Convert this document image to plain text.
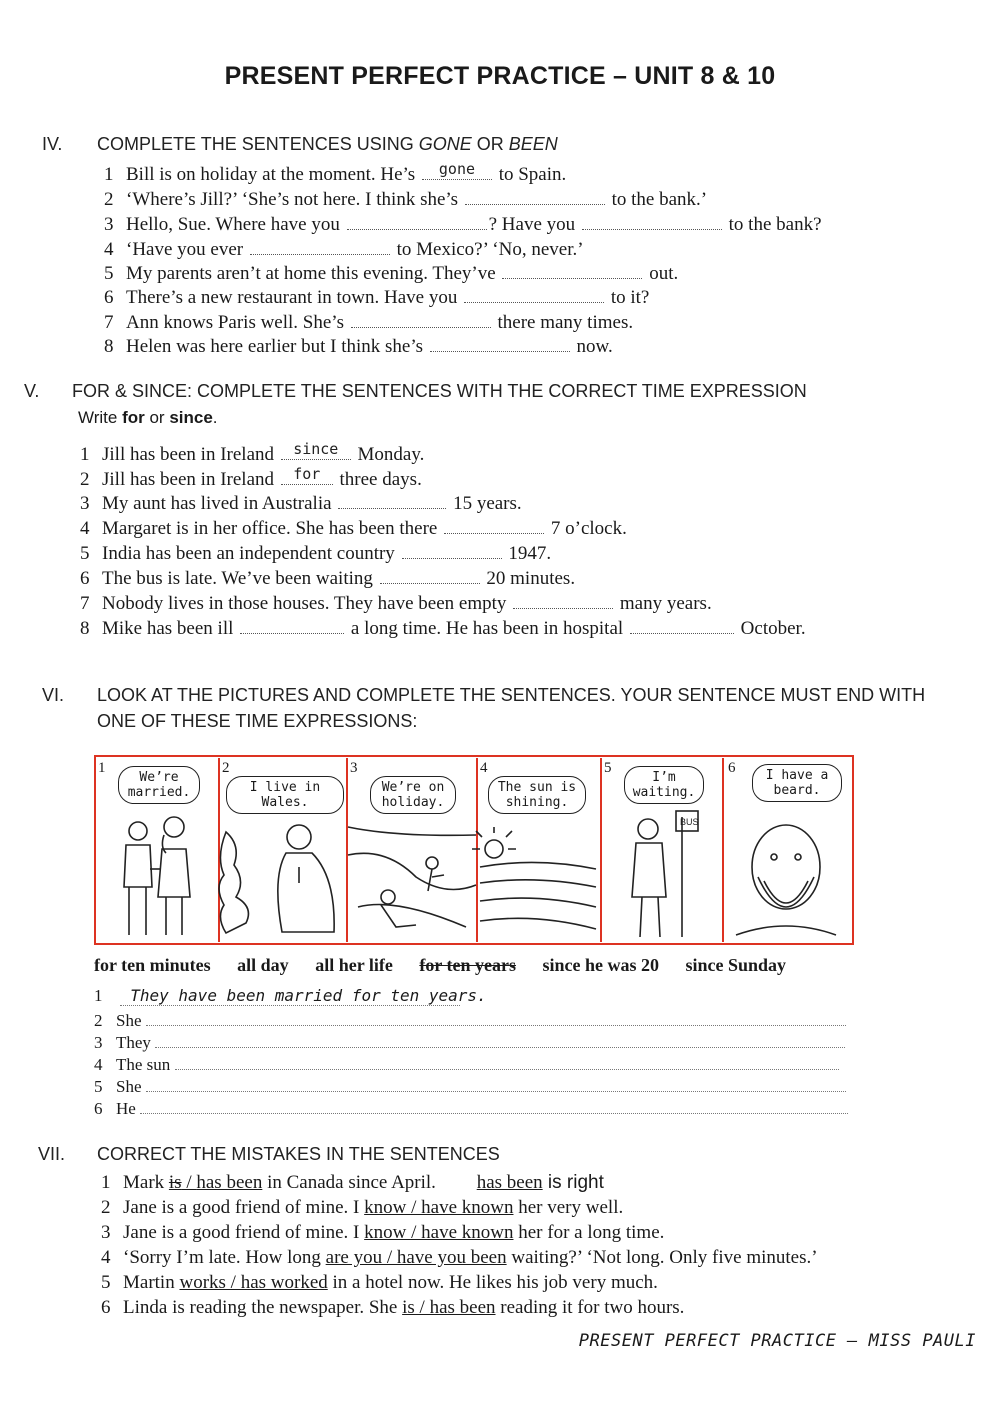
PRESENT PERFECT PRACTICE – UNIT 8 & 10
IV. COMPLETE THE SENTENCES USING GONE OR BEEN
1 Bill is on holiday at the moment. He’s	gone	to Spain.
2 ‘Where’s Jill?’ ‘She’s not here. I think she’s	to the bank.’
3 Hello, Sue. Where have you	? Have you	to the bank?
4 ‘Have you ever	to Mexico?’ ‘No, never.’
5 My parents aren’t at home this evening. They’ve	out.
6 There’s a new restaurant in town. Have you	to it?
7 Ann knows Paris well. She’s	there many times.
8 Helen was here earlier but I think she’s	now.
V. FOR & SINCE: COMPLETE THE SENTENCES WITH THE CORRECT TIME EXPRESSION
Write for or since.
1 Jill has been in Ireland	since	Monday.
2 Jill has been in Ireland	for	three days.
3 My aunt has lived in Australia	15 years.
4 Margaret is in her office. She has been there	7 o’clock.
5 India has been an independent country	1947.
6 The bus is late. We’ve been waiting	20 minutes.
7 Nobody lives in those houses. They have been empty	many years.
8 Mike has been ill	a long time. He has been in hospital	October.
VI. LOOK AT THE PICTURES AND COMPLETE THE SENTENCES. YOUR SENTENCE MUST END WITH
ONE OF THESE TIME EXPRESSIONS:
1	2	3	4	5	6
We’re married.	I live in Wales.
We’re on holiday.
The sun is shining.
I’m waiting.
I have a beard.
BUS
for ten minutes all day all her life for ten years since he was 20 since Sunday
1 They have been married for ten years.
2 She
3 They
4 The sun
5 She
6 He
VII. CORRECT THE MISTAKES IN THE SENTENCES
1 Mark is / has been in Canada since April. has been is right
2 Jane is a good friend of mine. I know / have known her very well.
3 Jane is a good friend of mine. I know / have known her for a long time.
4 ‘Sorry I’m late. How long are you / have you been waiting?’ ‘Not long. Only five minutes.’
5 Martin works / has worked in a hotel now. He likes his job very much.
6 Linda is reading the newspaper. She is / has been reading it for two hours.
PRESENT PERFECT PRACTICE – MISS PAULI
